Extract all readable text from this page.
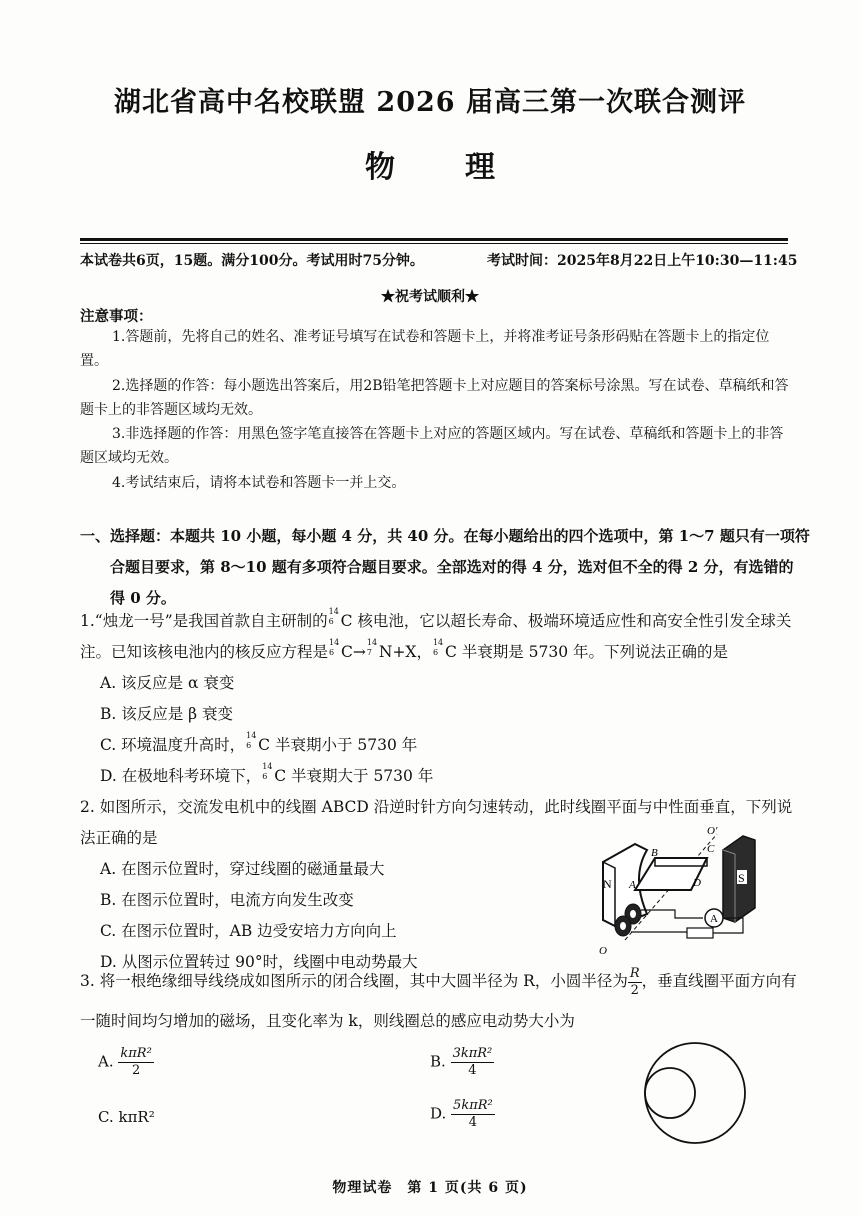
湖北省高中名校联盟 2026 届高三第一次联合测评
物理
本试卷共6页，15题。满分100分。考试用时75分钟。	考试时间：2025年8月22日上午10:30—11:45
★祝考试顺利★
注意事项：

1.答题前，先将自己的姓名、准考证号填写在试卷和答题卡上，并将准考证号条形码贴在答题卡上的指定位置。

2.选择题的作答：每小题选出答案后，用2B铅笔把答题卡上对应题目的答案标号涂黑。写在试卷、草稿纸和答题卡上的非答题区域均无效。

3.非选择题的作答：用黑色签字笔直接答在答题卡上对应的答题区域内。写在试卷、草稿纸和答题卡上的非答题区域均无效。

4.考试结束后，请将本试卷和答题卡一并上交。

一、选择题：本题共 10 小题，每小题 4 分，共 40 分。在每小题给出的四个选项中，第 1～7 题只有一项符
合题目要求，第 8～10 题有多项符合题目要求。全部选对的得 4 分，选对但不全的得 2 分，有选错的
得 0 分。
1.“烛龙一号”是我国首款自主研制的
14
6 C 核电池，它以超长寿命、极端环境适应性和高安全性引发全球关
注。已知该核电池内的核反应方程是
14
6 C→
14
7 N+X，
14
6 C 半衰期是 5730 年。下列说法正确的是
A. 该反应是 α 衰变
B. 该反应是 β 衰变
C. 环境温度升高时，
14
6 C 半衰期小于 5730 年
D. 在极地科考环境下，
14
6 C 半衰期大于 5730 年
2. 如图所示，交流发电机中的线圈 ABCD 沿逆时针方向匀速转动，此时线圈平面与中性面垂直，下列说
法正确的是
A. 在图示位置时，穿过线圈的磁通量最大
B. 在图示位置时，电流方向发生改变
C. 在图示位置时，AB 边受安培力方向向上
D. 从图示位置转过 90°时，线圈中电动势最大
N	S
O′
B	C
D
A
O
A
3. 将一根绝缘细导线绕成如图所示的闭合线圈，其中大圆半径为 R，小圆半径为 $\frac{R}{2}$ ，垂直线圈平面方向有
一随时间均匀增加的磁场，且变化率为 k，则线圈总的感应电动势大小为
A. $\frac{\text{kπR²}}{2}$	B. $\frac{\text{3kπR²}}{4}$
C. kπR²	D. $\frac{\text{5kπR²}}{4}$
物理试卷　第 1 页(共 6 页)
